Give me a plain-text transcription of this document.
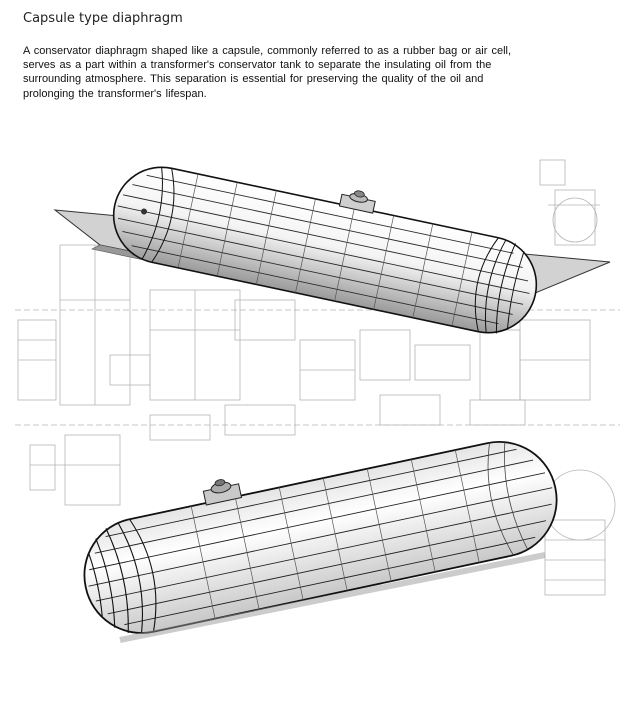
Capsule type diaphragm
A conservator diaphragm shaped like a capsule, commonly referred to as a rubber bag or air cell,
serves as a part within a transformer's conservator tank to separate the insulating oil from the
surrounding atmosphere. This separation is essential for preserving the quality of the oil and
prolonging the transformer's lifespan.
